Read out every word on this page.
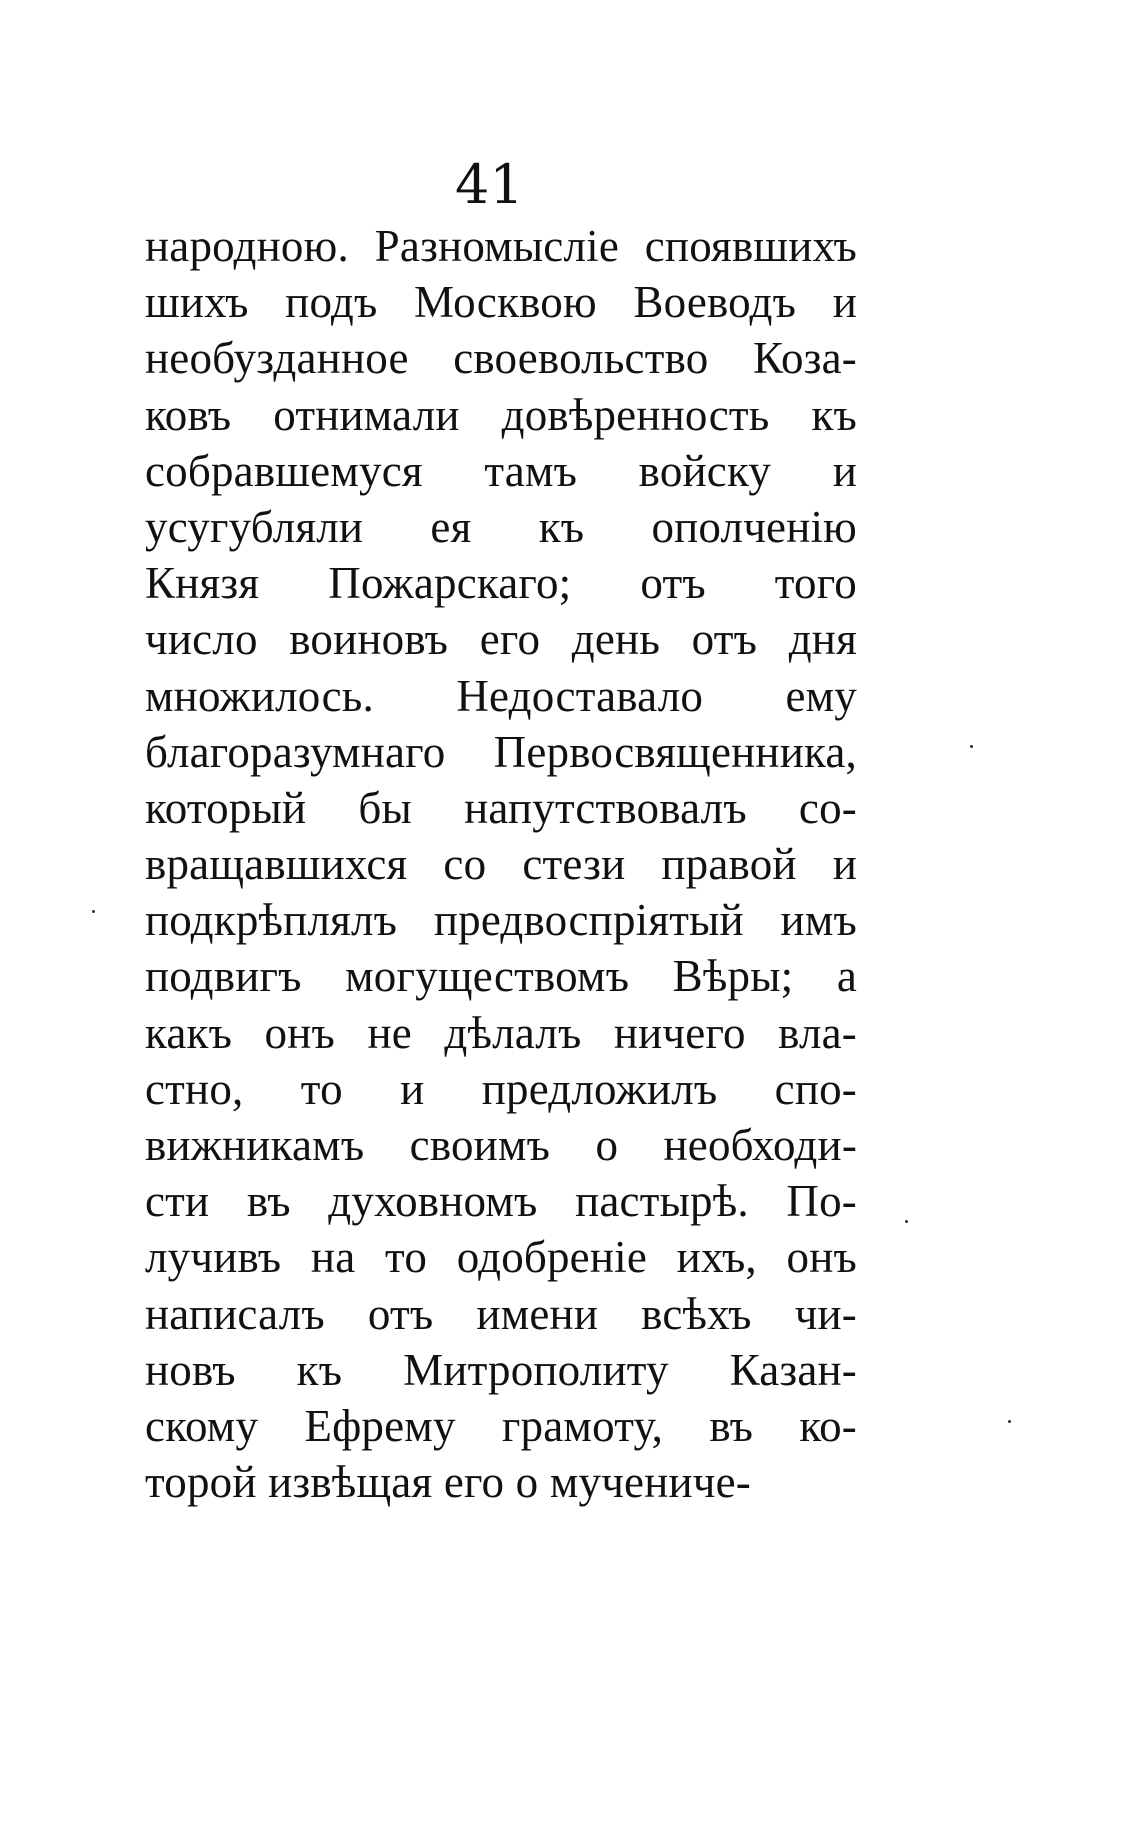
41
народною. Разномысліе споявшихъ
шихъ подъ Москвою Воеводъ и
необузданное своевольство Коза-
ковъ отнимали довѣренность къ
собравшемуся тамъ войску и
усугубляли ея къ ополченію
Князя Пожарскаго; отъ того
число воиновъ его день отъ дня
множилось. Недоставало ему
благоразумнаго Первосвященника,
который бы напутствовалъ со-
вращавшихся со стези правой и
подкрѣплялъ предвоспріятый имъ
подвигъ могуществомъ Вѣры; а
какъ онъ не дѣлалъ ничего вла-
стно, то и предложилъ спо-
вижникамъ своимъ о необходи-
сти въ духовномъ пастырѣ. По-
лучивъ на то одобреніе ихъ, онъ
написалъ отъ имени всѣхъ чи-
новъ къ Митрополиту Казан-
скому Ефрему грамоту, въ ко-
торой извѣщая его о мучениче-
